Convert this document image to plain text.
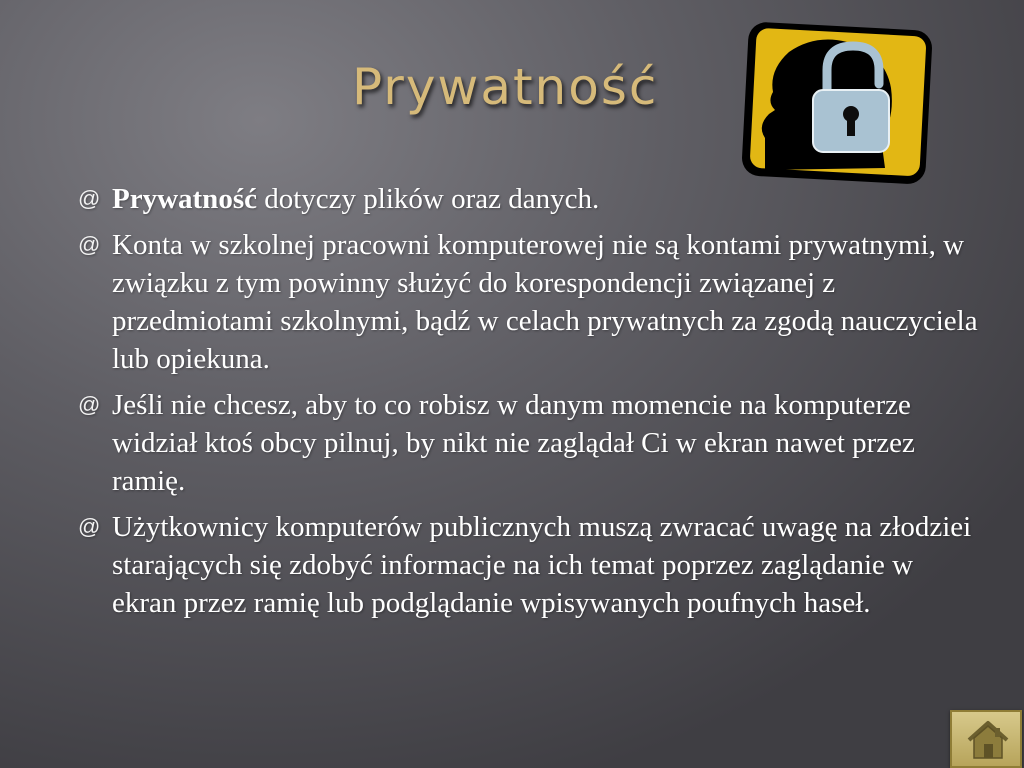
Prywatność
@ Prywatność dotyczy plików oraz danych.
@ Konta w szkolnej pracowni komputerowej nie są kontami prywatnymi, w związku z tym powinny służyć do korespondencji związanej z przedmiotami szkolnymi, bądź w celach prywatnych za zgodą nauczyciela lub opiekuna.
@ Jeśli nie chcesz, aby to co robisz w danym momencie na komputerze widział ktoś obcy pilnuj, by nikt nie zaglądał Ci w ekran nawet przez ramię.
@ Użytkownicy komputerów publicznych muszą zwracać uwagę na złodziei starających się zdobyć informacje na ich temat poprzez zaglądanie w ekran przez ramię lub podglądanie wpisywanych poufnych haseł.
